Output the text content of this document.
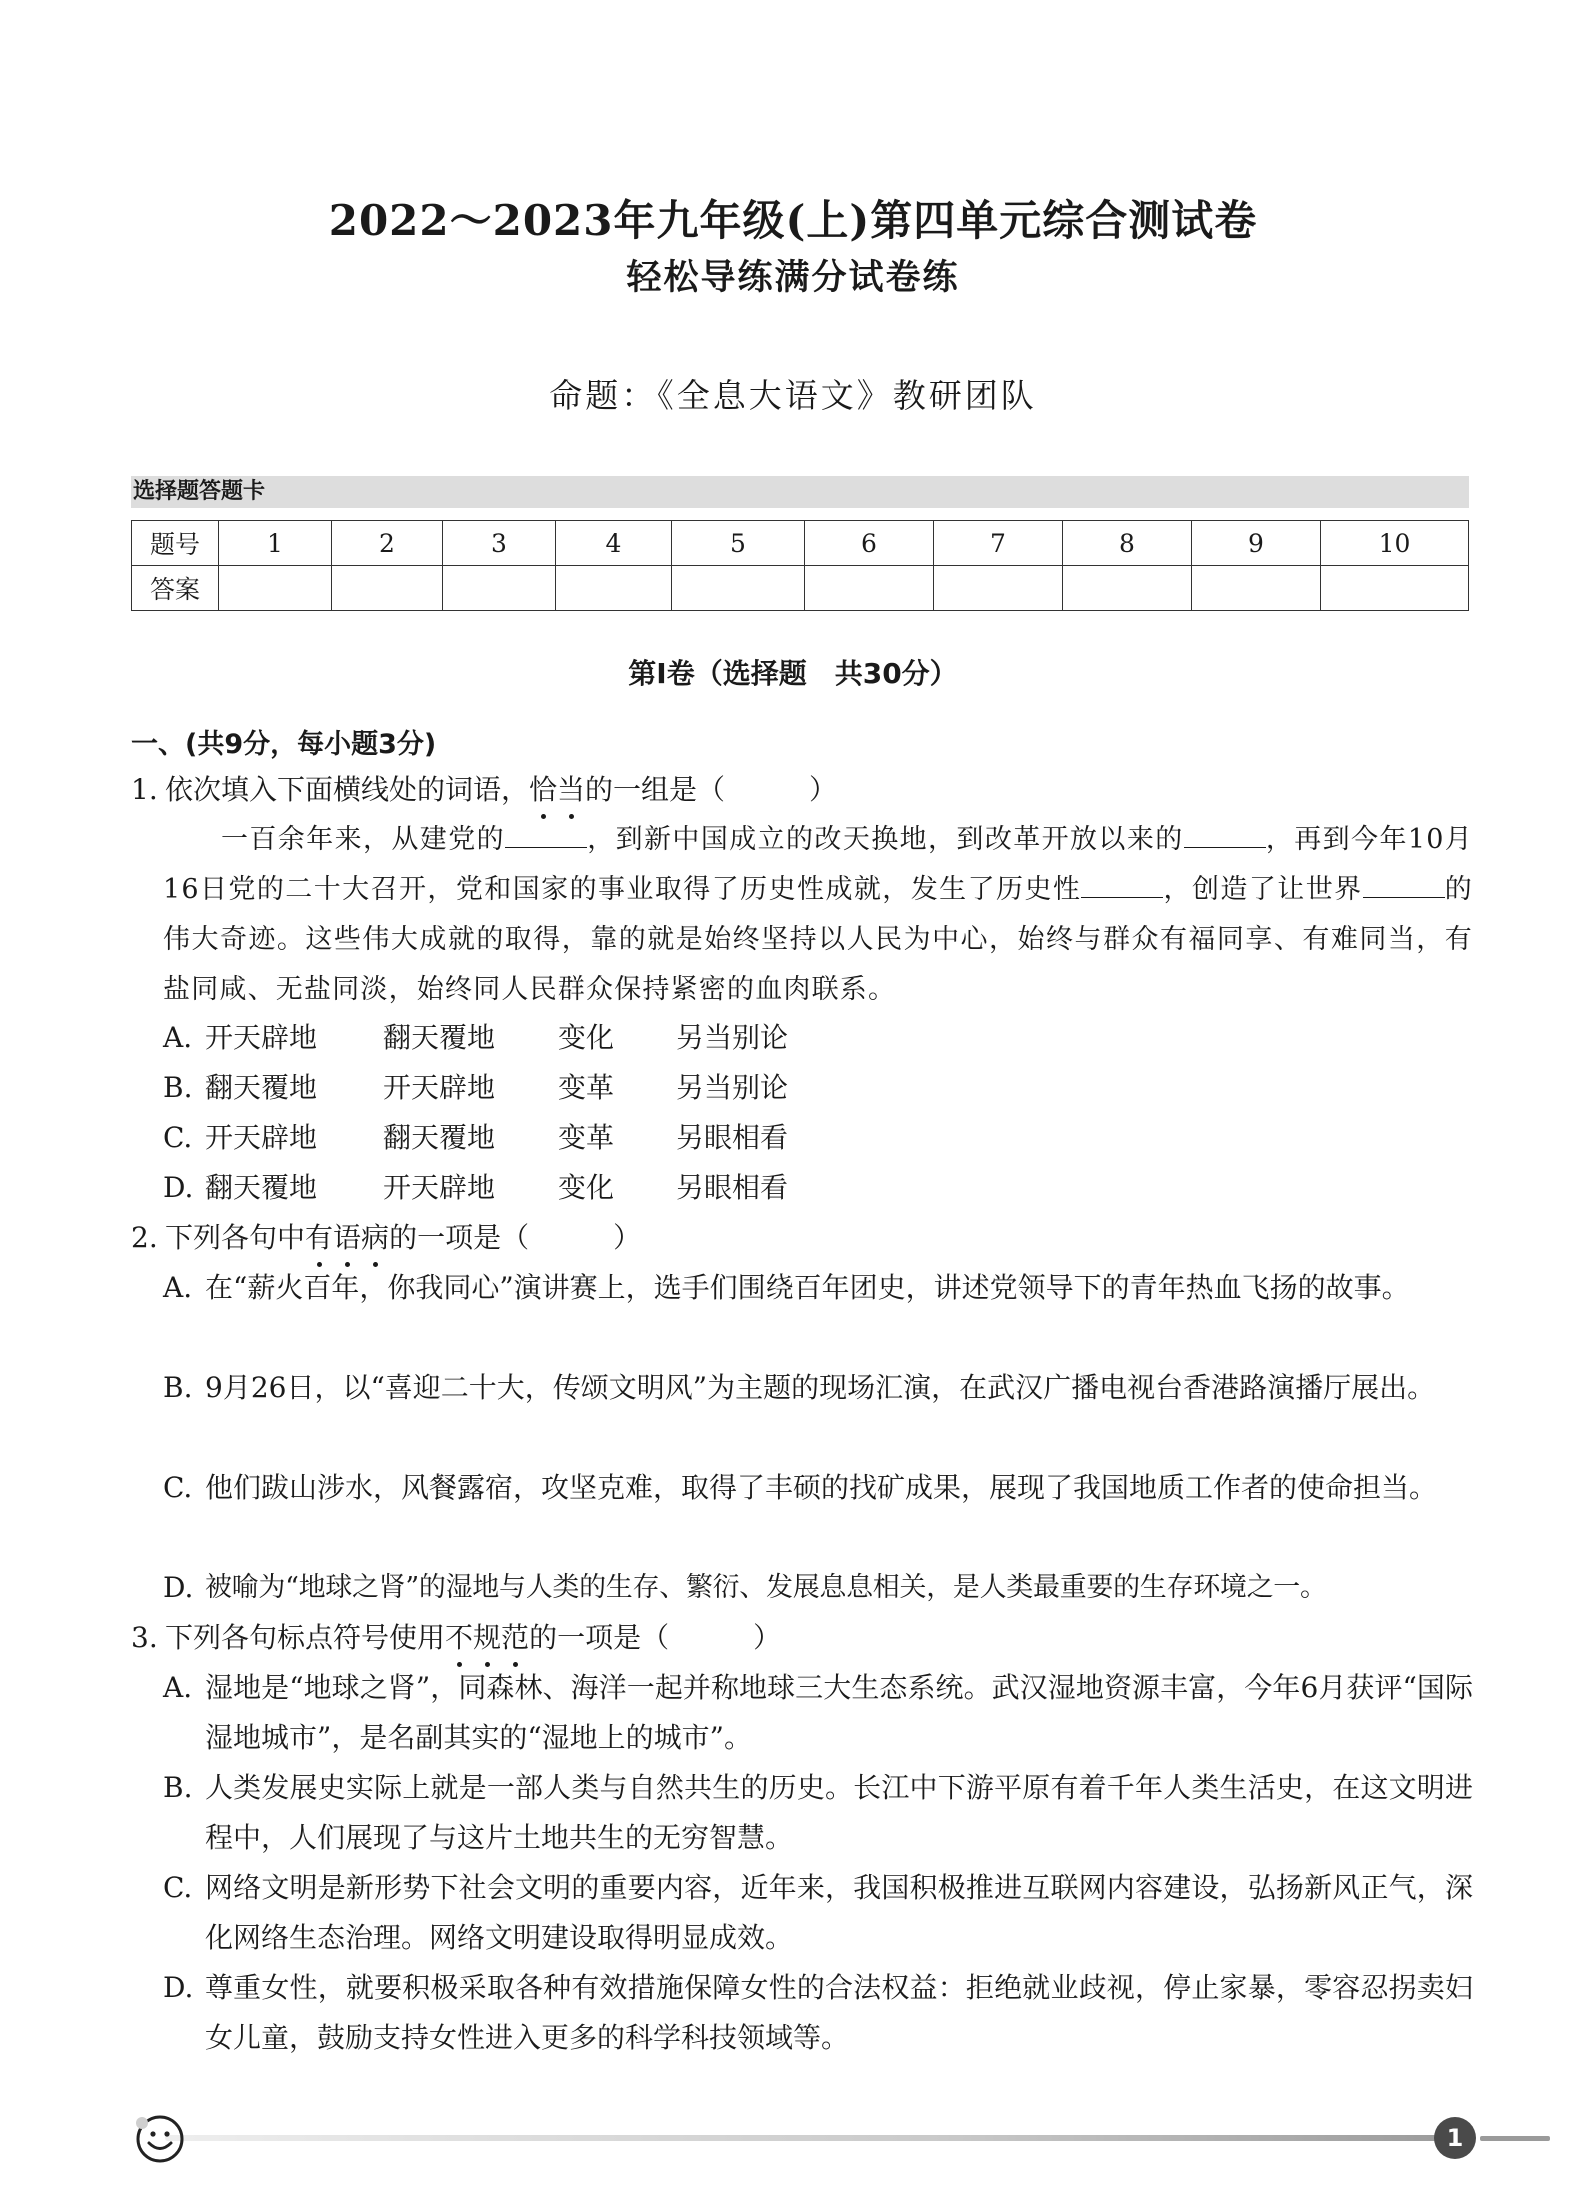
2022～2023年九年级(上)第四单元综合测试卷
轻松导练满分试卷练
命题：《全息大语文》教研团队
选择题答题卡
题号	1	2	3	4	5	6	7	8	9	10
答案										
第Ⅰ卷（选择题　共30分）
一、(共9分，每小题3分)
1. 依次填入下面横线处的词语，恰当的一组是（　　　）
一百余年来，从建党的	，到新中国成立的改天换地，到改革开放以来的	，再到今年10月16日党的二十大召开，党和国家的事业取得了历史性成就，发生了历史性	，创造了让世界	的伟大奇迹。这些伟大成就的取得，靠的就是始终坚持以人民为中心，始终与群众有福同享、有难同当，有盐同咸、无盐同淡，始终同人民群众保持紧密的血肉联系。
A. 开天辟地 翻天覆地 变化 另当别论
B. 翻天覆地 开天辟地 变革 另当别论
C. 开天辟地 翻天覆地 变革 另眼相看
D. 翻天覆地 开天辟地 变化 另眼相看
2. 下列各句中有语病的一项是（　　　）
A. 在“薪火百年，你我同心”演讲赛上，选手们围绕百年团史，讲述党领导下的青年热血飞扬的故事。
B. 9月26日，以“喜迎二十大，传颂文明风”为主题的现场汇演，在武汉广播电视台香港路演播厅展出。
C. 他们跋山涉水，风餐露宿，攻坚克难，取得了丰硕的找矿成果，展现了我国地质工作者的使命担当。
D. 被喻为“地球之肾”的湿地与人类的生存、繁衍、发展息息相关，是人类最重要的生存环境之一。
3. 下列各句标点符号使用不规范的一项是（　　　）
A. 湿地是“地球之肾”，同森林、海洋一起并称地球三大生态系统。武汉湿地资源丰富，今年6月获评“国际湿地城市”，是名副其实的“湿地上的城市”。
B. 人类发展史实际上就是一部人类与自然共生的历史。长江中下游平原有着千年人类生活史，在这文明进程中，人们展现了与这片土地共生的无穷智慧。
C. 网络文明是新形势下社会文明的重要内容，近年来，我国积极推进互联网内容建设，弘扬新风正气，深化网络生态治理。网络文明建设取得明显成效。
D. 尊重女性，就要积极采取各种有效措施保障女性的合法权益：拒绝就业歧视，停止家暴，零容忍拐卖妇女儿童，鼓励支持女性进入更多的科学科技领域等。
1
